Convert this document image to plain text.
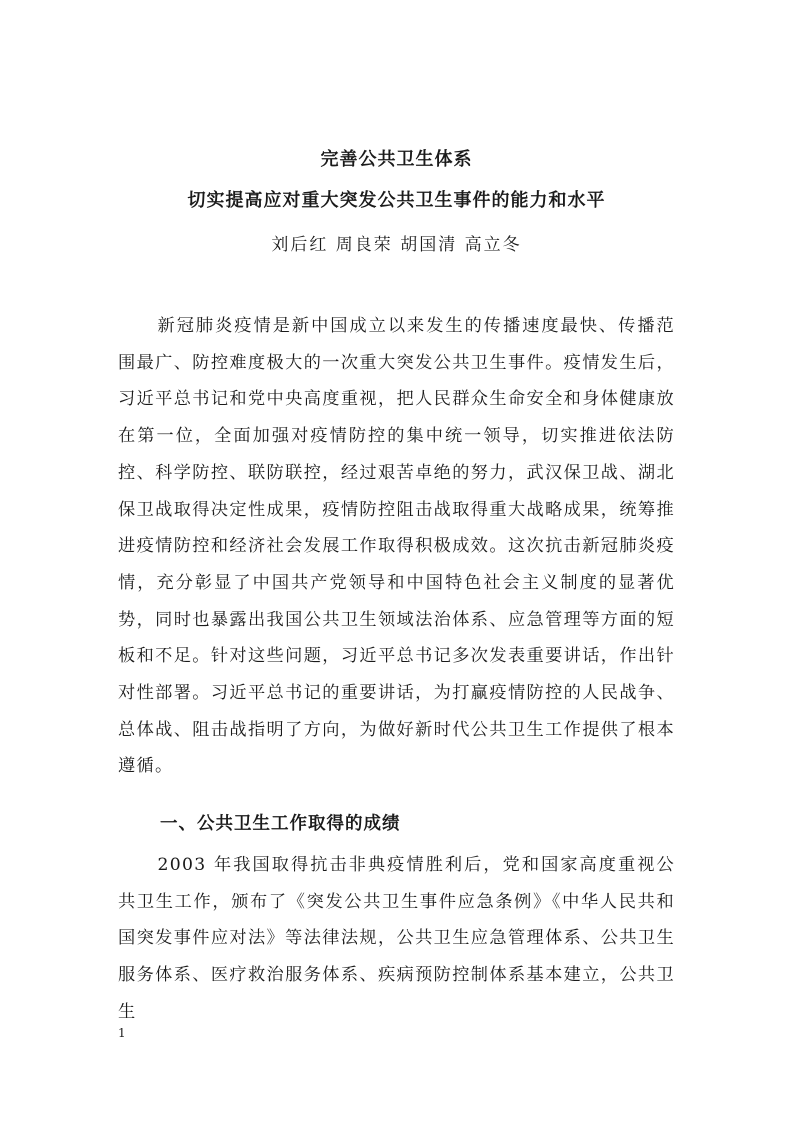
完善公共卫生体系
切实提高应对重大突发公共卫生事件的能力和水平
刘后红 周良荣 胡国清 高立冬

新冠肺炎疫情是新中国成立以来发生的传播速度最快、传播范围最广、防控难度极大的一次重大突发公共卫生事件。疫情发生后，习近平总书记和党中央高度重视，把人民群众生命安全和身体健康放在第一位，全面加强对疫情防控的集中统一领导，切实推进依法防控、科学防控、联防联控，经过艰苦卓绝的努力，武汉保卫战、湖北保卫战取得决定性成果，疫情防控阻击战取得重大战略成果，统筹推进疫情防控和经济社会发展工作取得积极成效。这次抗击新冠肺炎疫情，充分彰显了中国共产党领导和中国特色社会主义制度的显著优势，同时也暴露出我国公共卫生领域法治体系、应急管理等方面的短板和不足。针对这些问题，习近平总书记多次发表重要讲话，作出针对性部署。习近平总书记的重要讲话，为打赢疫情防控的人民战争、总体战、阻击战指明了方向，为做好新时代公共卫生工作提供了根本遵循。

一、公共卫生工作取得的成绩

2003 年我国取得抗击非典疫情胜利后，党和国家高度重视公共卫生工作，颁布了《突发公共卫生事件应急条例》《中华人民共和国突发事件应对法》等法律法规，公共卫生应急管理体系、公共卫生服务体系、医疗救治服务体系、疾病预防控制体系基本建立，公共卫生

1
